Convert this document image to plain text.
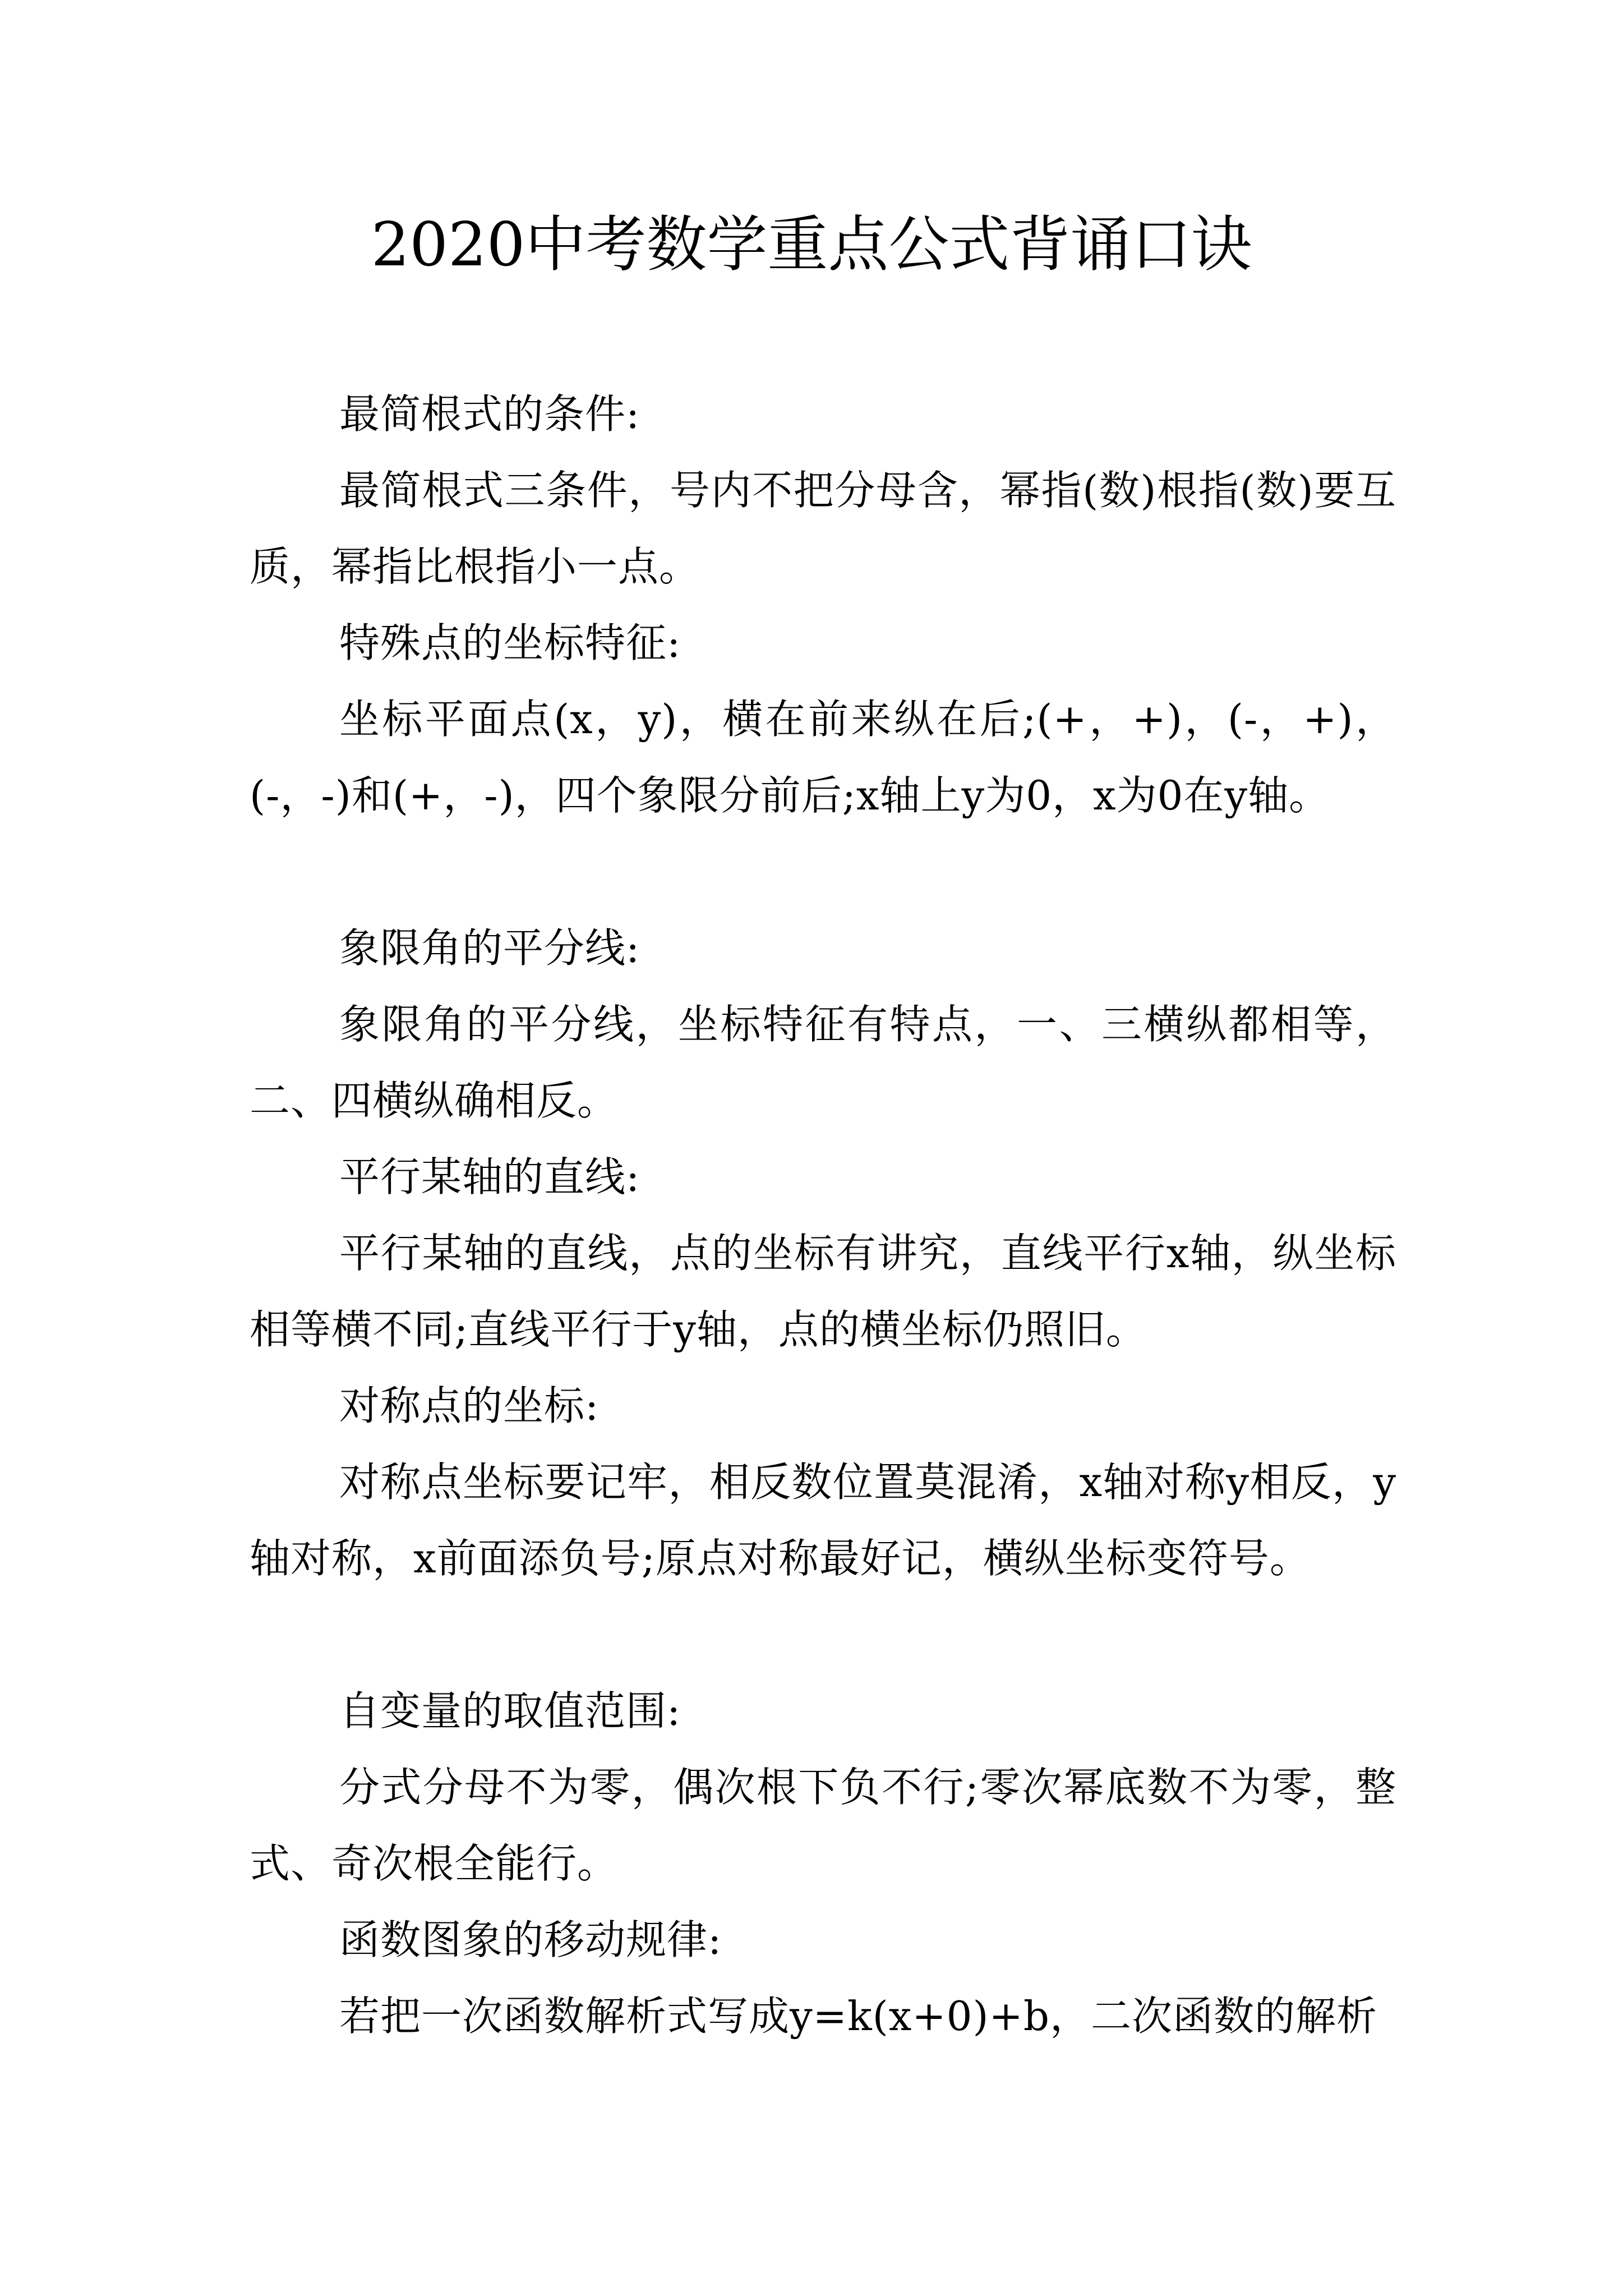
2020中考数学重点公式背诵口诀

最简根式的条件:

最简根式三条件，号内不把分母含，幂指(数)根指(数)要互质，幂指比根指小一点。

特殊点的坐标特征:

坐标平面点(x，y)，横在前来纵在后;(+，+)，(-，+)，(-，-)和(+，-)，四个象限分前后;x轴上y为0，x为0在y轴。

象限角的平分线:

象限角的平分线，坐标特征有特点，一、三横纵都相等，二、四横纵确相反。

平行某轴的直线:

平行某轴的直线，点的坐标有讲究，直线平行x轴，纵坐标相等横不同;直线平行于y轴，点的横坐标仍照旧。

对称点的坐标:

对称点坐标要记牢，相反数位置莫混淆，x轴对称y相反，y轴对称，x前面添负号;原点对称最好记，横纵坐标变符号。

自变量的取值范围:

分式分母不为零，偶次根下负不行;零次幂底数不为零，整式、奇次根全能行。

函数图象的移动规律:

若把一次函数解析式写成y=k(x+0)+b，二次函数的解析
